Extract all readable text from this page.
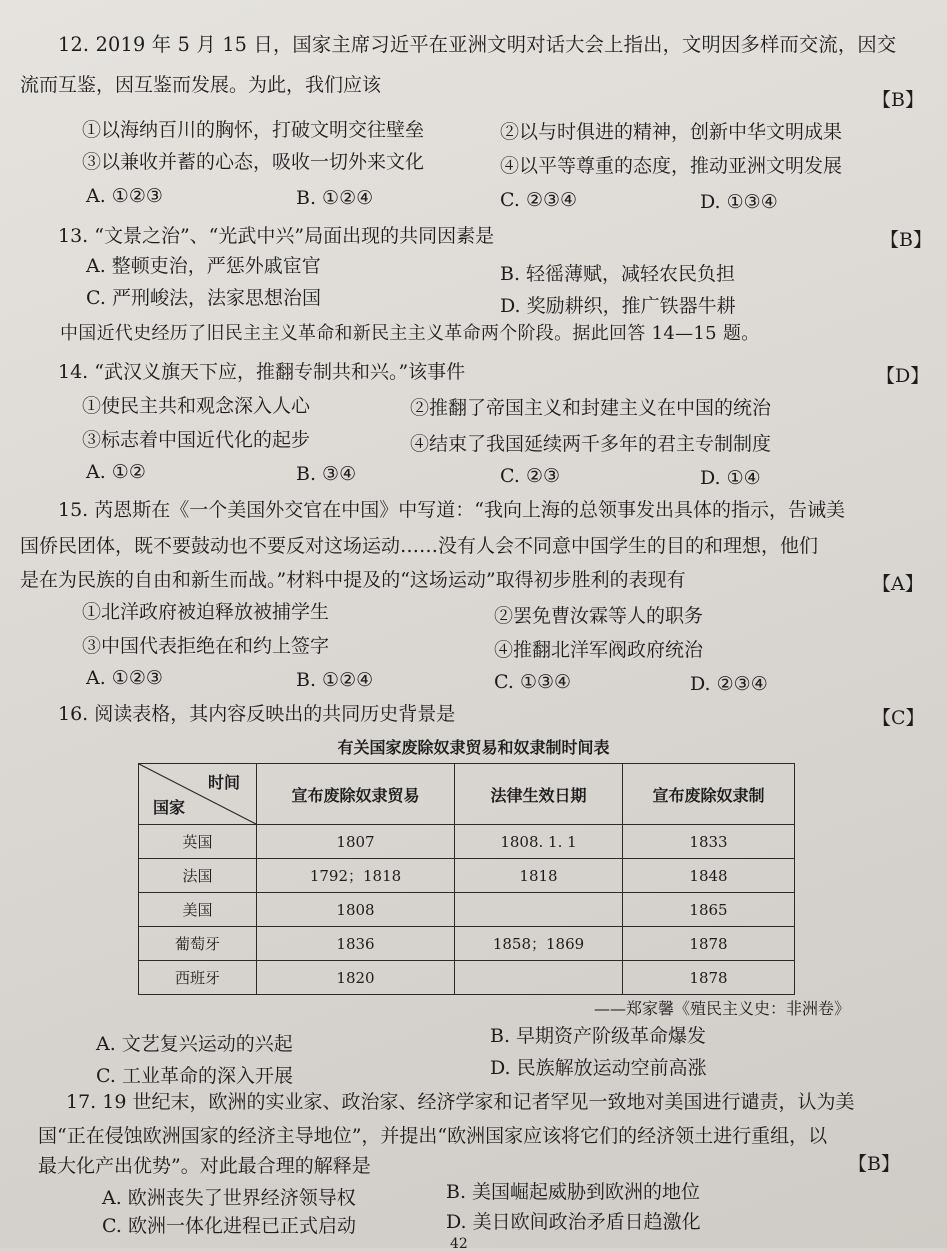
12. 2019 年 5 月 15 日，国家主席习近平在亚洲文明对话大会上指出，文明因多样而交流，因交
流而互鉴，因互鉴而发展。为此，我们应该
【B】
①以海纳百川的胸怀，打破文明交往壁垒	②以与时俱进的精神，创新中华文明成果
③以兼收并蓄的心态，吸收一切外来文化	④以平等尊重的态度，推动亚洲文明发展
A. ①②③	B. ①②④	C. ②③④	D. ①③④
13. “文景之治”、“光武中兴”局面出现的共同因素是	【B】
A. 整顿吏治，严惩外戚宦官	B. 轻徭薄赋，减轻农民负担
C. 严刑峻法，法家思想治国	D. 奖励耕织，推广铁器牛耕
中国近代史经历了旧民主主义革命和新民主主义革命两个阶段。据此回答 14—15 题。
14. “武汉义旗天下应，推翻专制共和兴。”该事件	【D】
①使民主共和观念深入人心	②推翻了帝国主义和封建主义在中国的统治
③标志着中国近代化的起步	④结束了我国延续两千多年的君主专制制度
A. ①②	B. ③④	C. ②③	D. ①④
15. 芮恩斯在《一个美国外交官在中国》中写道：“我向上海的总领事发出具体的指示，告诫美
国侨民团体，既不要鼓动也不要反对这场运动……没有人会不同意中国学生的目的和理想，他们
是在为民族的自由和新生而战。”材料中提及的“这场运动”取得初步胜利的表现有	【A】
①北洋政府被迫释放被捕学生	②罢免曹汝霖等人的职务
③中国代表拒绝在和约上签字	④推翻北洋军阀政府统治
A. ①②③	B. ①②④	C. ①③④	D. ②③④
16. 阅读表格，其内容反映出的共同历史背景是	【C】
有关国家废除奴隶贸易和奴隶制时间表
时间
国家	宣布废除奴隶贸易	法律生效日期	宣布废除奴隶制
英国	1807	1808. 1. 1	1833
法国	1792；1818	1818	1848
美国	1808		1865
葡萄牙	1836	1858；1869	1878
西班牙	1820		1878
——郑家馨《殖民主义史：非洲卷》
A. 文艺复兴运动的兴起	B. 早期资产阶级革命爆发
C. 工业革命的深入开展	D. 民族解放运动空前高涨
17. 19 世纪末，欧洲的实业家、政治家、经济学家和记者罕见一致地对美国进行谴责，认为美
国“正在侵蚀欧洲国家的经济主导地位”，并提出“欧洲国家应该将它们的经济领土进行重组，以
最大化产出优势”。对此最合理的解释是	【B】
A. 欧洲丧失了世界经济领导权	B. 美国崛起威胁到欧洲的地位
C. 欧洲一体化进程已正式启动	D. 美日欧间政治矛盾日趋激化
42
